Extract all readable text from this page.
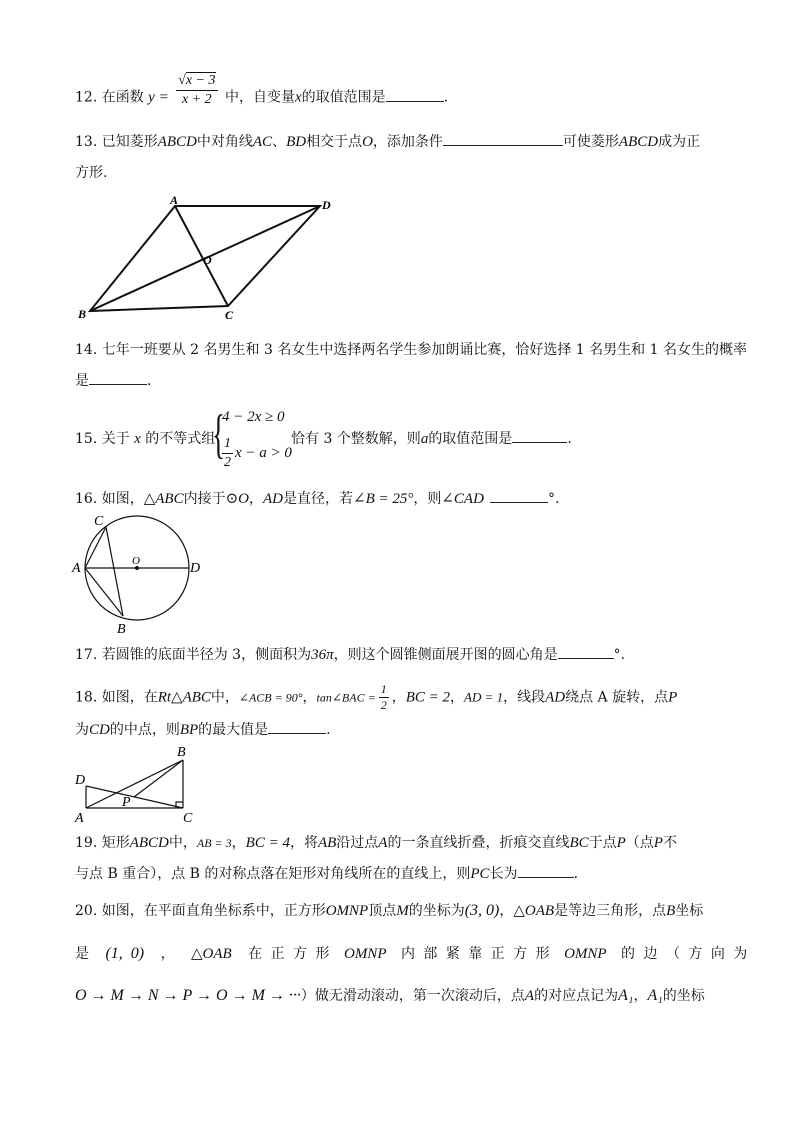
12. 在函数 $y = \frac{√x - 3}{x + 2}$ 中，自变量x的取值范围是	.
13. 已知菱形ABCD中对角线AC、BD相交于点O，添加条件	可使菱形ABCD成为正
方形.
A	D
O
B	C
14. 七年一班要从 2 名男生和 3 名女生中选择两名学生参加朗诵比赛，恰好选择 1 名男生和 1 名女生的概率
是	.
15. 关于 x 的不等式组
{
4 − 2x ≥ 0
$\frac{1}{2}$ x − a > 0
恰有 3 个整数解，则a的取值范围是	.
16. 如图，△ABC内接于⊙O，AD是直径，若∠B = 25°，则∠CAD	°.
C
A	O	D
B
17. 若圆锥的底面半径为 3，侧面积为36π，则这个圆锥侧面展开图的圆心角是	°.
18. 如图，在Rt△ABC中，∠ACB = 90°，tan∠BAC = $\frac{1}{2}$ ，BC = 2，AD = 1，线段AD绕点 A 旋转，点P
为CD的中点，则BP的最大值是	.
B
D
P
A	C
19. 矩形ABCD中，AB = 3，BC = 4，将AB沿过点A的一条直线折叠，折痕交直线BC于点P（点P不
与点 B 重合），点 B 的对称点落在矩形对角线所在的直线上，则PC长为	.
20. 如图，在平面直角坐标系中，正方形OMNP顶点M的坐标为(3, 0)，△OAB是等边三角形，点B坐标
是 (1, 0) ， △OAB 在 正 方 形 OMNP 内 部 紧 靠 正 方 形 OMNP 的 边 （ 方 向 为
O → M → N → P → O → M → ···）做无滑动滚动，第一次滚动后，点A的对应点记为A₁，A₁的坐标
